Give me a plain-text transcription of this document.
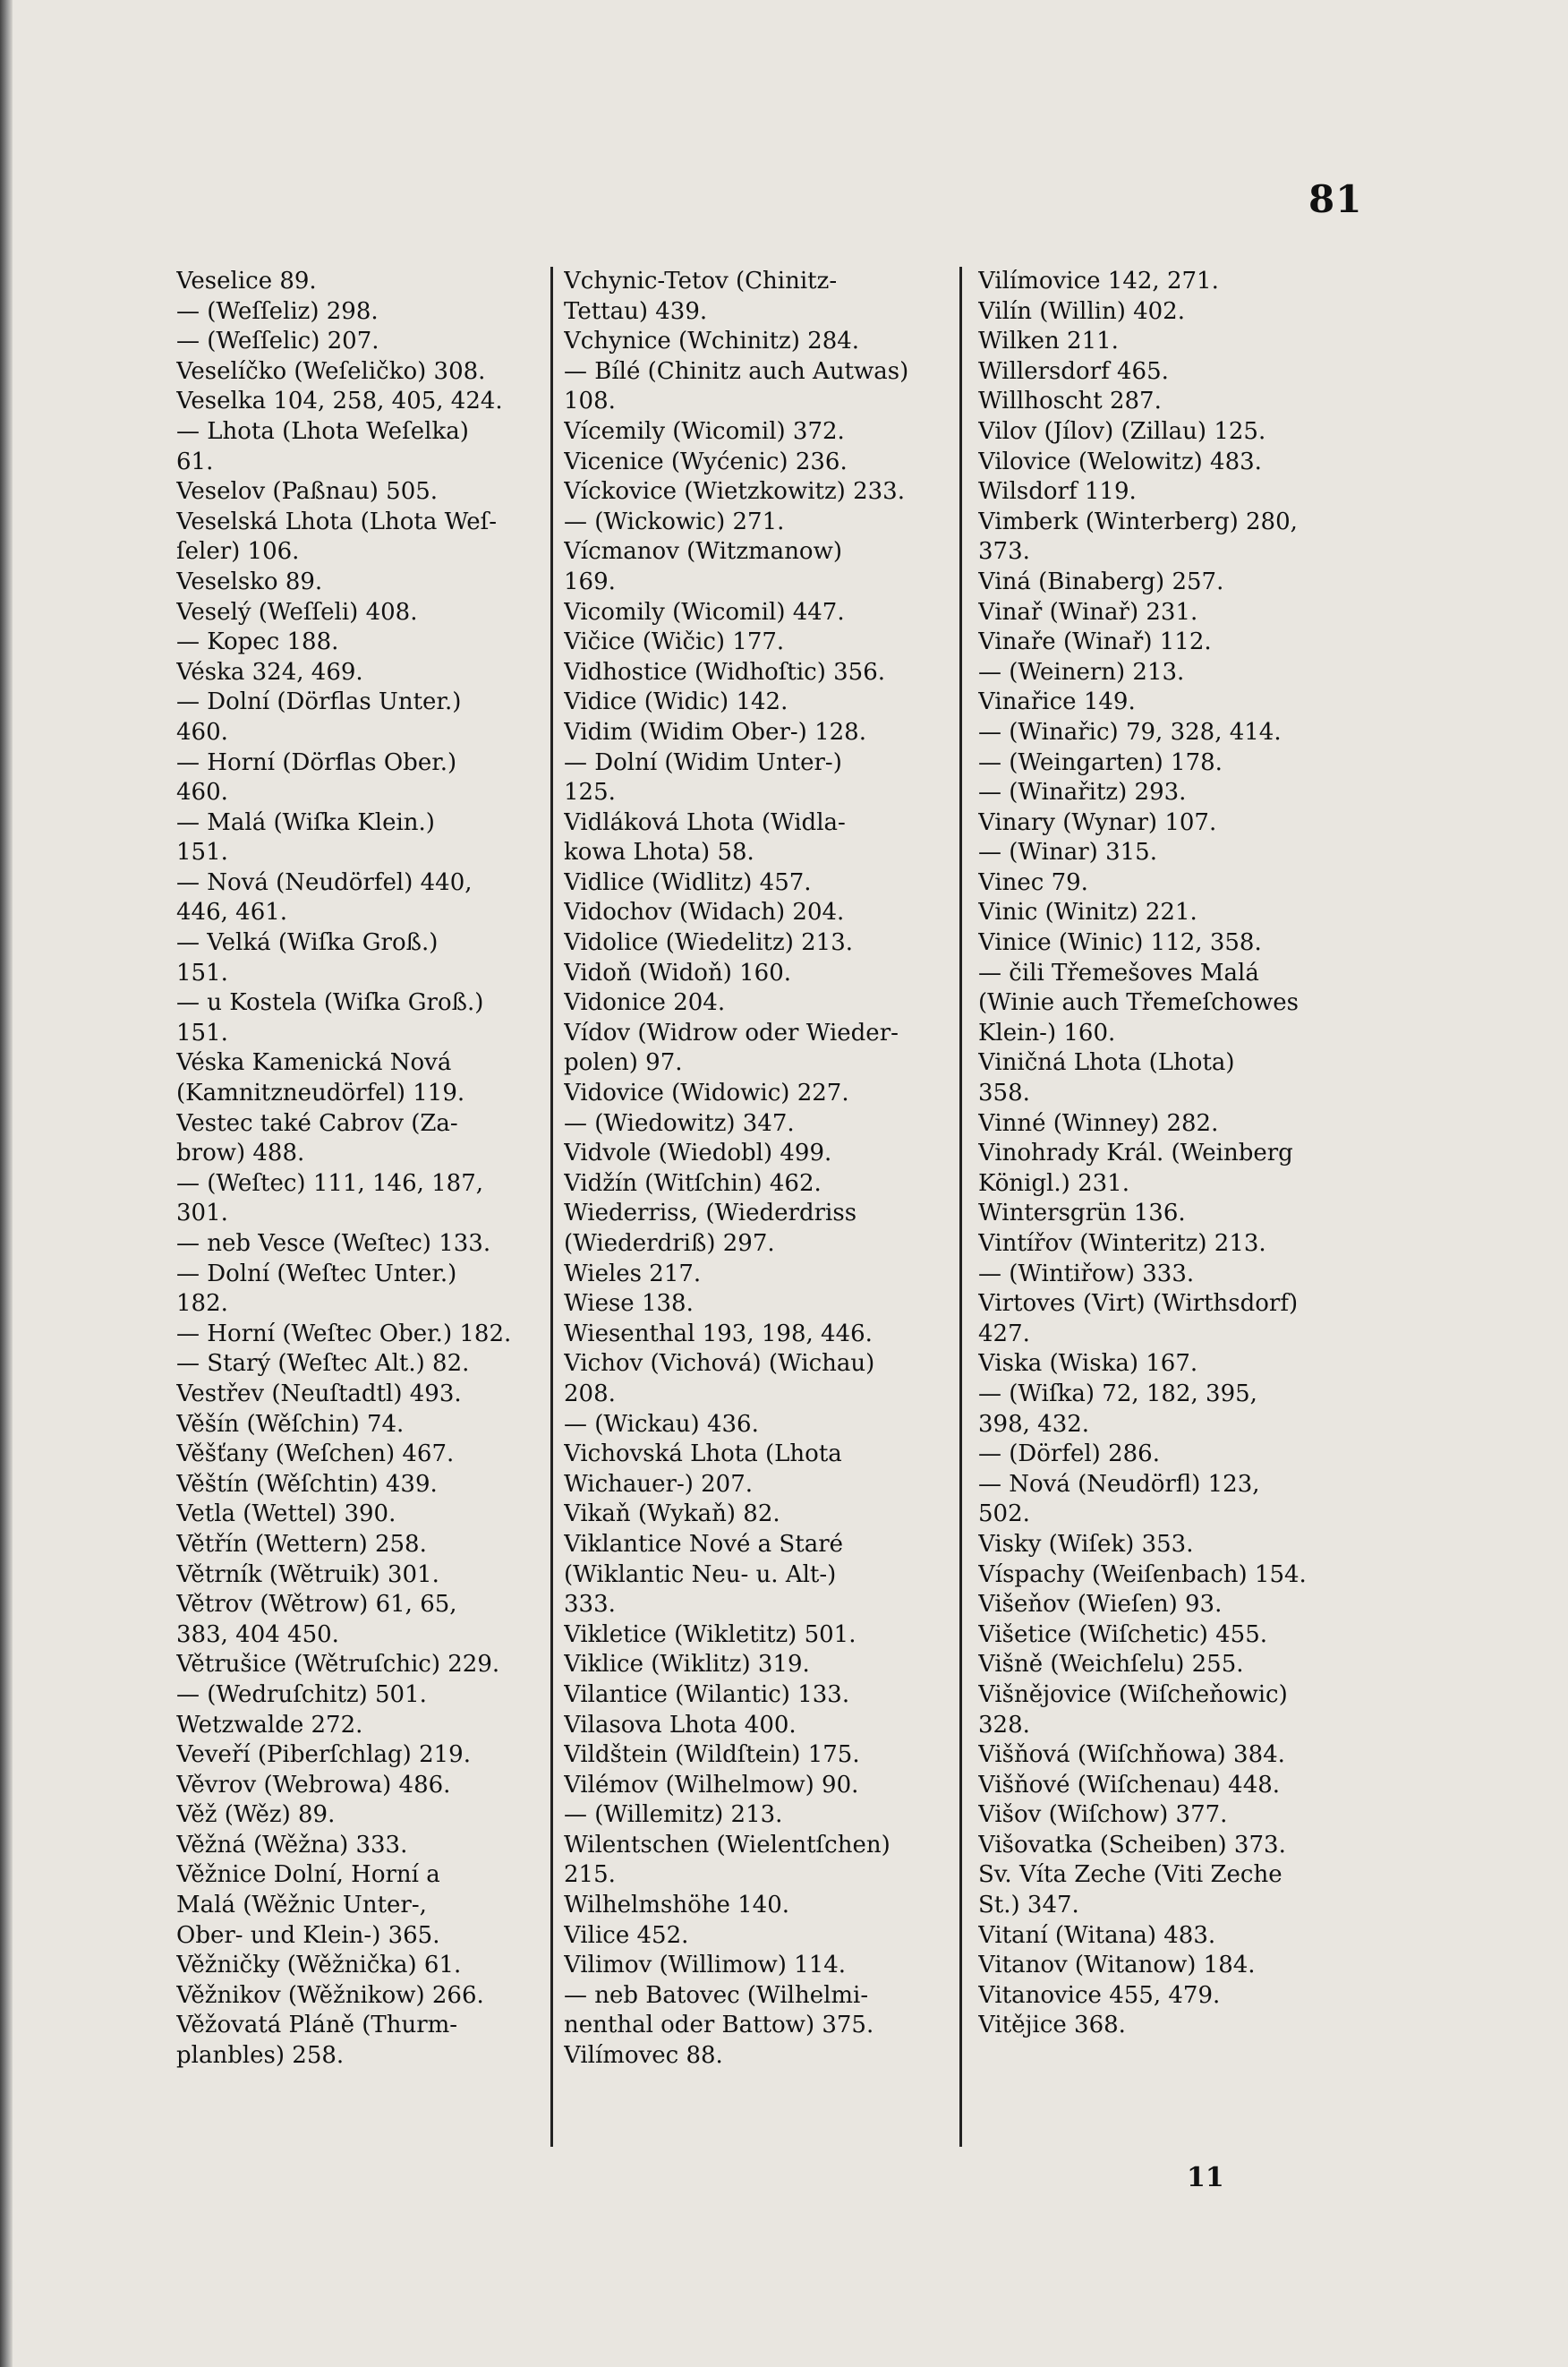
81
Veselice 89.
— (Weſſeliz) 298.
— (Weſſelic) 207.
Veselíčko (Weſeličko) 308.
Veselka 104, 258, 405, 424.
— Lhota (Lhota Weſelka)
61.
Veselov (Paßnau) 505.
Veselská Lhota (Lhota Weſ-
ſeler) 106.
Veselsko 89.
Veselý (Weſſeli) 408.
— Kopec 188.
Véska 324, 469.
— Dolní (Dörflas Unter.)
460.
— Horní (Dörflas Ober.)
460.
— Malá (Wiſka Klein.)
151.
— Nová (Neudörfel) 440,
446, 461.
— Velká (Wiſka Groß.)
151.
— u Kostela (Wiſka Groß.)
151.
Véska Kamenická Nová
(Kamnitzneudörfel) 119.
Vestec také Cabrov (Za-
brow) 488.
— (Weſtec) 111, 146, 187,
301.
— neb Vesce (Weſtec) 133.
— Dolní (Weſtec Unter.)
182.
— Horní (Weſtec Ober.) 182.
— Starý (Weſtec Alt.) 82.
Vestřev (Neuſtadtl) 493.
Věšín (Wěſchin) 74.
Věšťany (Weſchen) 467.
Věštín (Wěſchtin) 439.
Vetla (Wettel) 390.
Větřín (Wettern) 258.
Větrník (Wětruik) 301.
Větrov (Wětrow) 61, 65,
383, 404 450.
Větrušice (Wětruſchic) 229.
— (Wedruſchitz) 501.
Wetzwalde 272.
Veveří (Piberſchlag) 219.
Věvrov (Webrowa) 486.
Věž (Wěz) 89.
Věžná (Wěžna) 333.
Věžnice Dolní, Horní a
Malá (Wěžnic Unter-,
Ober- und Klein-) 365.
Věžničky (Wěžnička) 61.
Věžnikov (Wěžnikow) 266.
Věžovatá Pláně (Thurm-
planbles) 258.
Vchynic-Tetov (Chinitz-
Tettau) 439.
Vchynice (Wchinitz) 284.
— Bílé (Chinitz auch Autwas)
108.
Vícemily (Wicomil) 372.
Vicenice (Wyćenic) 236.
Víckovice (Wietzkowitz) 233.
— (Wickowic) 271.
Vícmanov (Witzmanow)
169.
Vicomily (Wicomil) 447.
Vičice (Wičic) 177.
Vidhostice (Widhoſtic) 356.
Vidice (Widic) 142.
Vidim (Widim Ober-) 128.
— Dolní (Widim Unter-)
125.
Vidláková Lhota (Widla-
kowa Lhota) 58.
Vidlice (Widlitz) 457.
Vidochov (Widach) 204.
Vidolice (Wiedelitz) 213.
Vidoň (Widoň) 160.
Vidonice 204.
Vídov (Widrow oder Wieder-
polen) 97.
Vidovice (Widowic) 227.
— (Wiedowitz) 347.
Vidvole (Wiedobl) 499.
Vidžín (Witſchin) 462.
Wiederriss, (Wiederdriss
(Wiederdriß) 297.
Wieles 217.
Wiese 138.
Wiesenthal 193, 198, 446.
Vichov (Vichová) (Wichau)
208.
— (Wickau) 436.
Vichovská Lhota (Lhota
Wichauer-) 207.
Vikaň (Wykaň) 82.
Viklantice Nové a Staré
(Wiklantic Neu- u. Alt-)
333.
Vikletice (Wikletitz) 501.
Viklice (Wiklitz) 319.
Vilantice (Wilantic) 133.
Vilasova Lhota 400.
Vildštein (Wildſtein) 175.
Vilémov (Wilhelmow) 90.
— (Willemitz) 213.
Wilentschen (Wielentſchen)
215.
Wilhelmshöhe 140.
Vilice 452.
Vilimov (Willimow) 114.
— neb Batovec (Wilhelmi-
nenthal oder Battow) 375.
Vilímovec 88.
Vilímovice 142, 271.
Vilín (Willin) 402.
Wilken 211.
Willersdorf 465.
Willhoscht 287.
Vilov (Jílov) (Zillau) 125.
Vilovice (Welowitz) 483.
Wilsdorf 119.
Vimberk (Winterberg) 280,
373.
Viná (Binaberg) 257.
Vinař (Winař) 231.
Vinaře (Winař) 112.
— (Weinern) 213.
Vinařice 149.
— (Winařic) 79, 328, 414.
— (Weingarten) 178.
— (Winařitz) 293.
Vinary (Wynar) 107.
— (Winar) 315.
Vinec 79.
Vinic (Winitz) 221.
Vinice (Winic) 112, 358.
— čili Třemešoves Malá
(Winie auch Třemeſchowes
Klein-) 160.
Viničná Lhota (Lhota)
358.
Vinné (Winney) 282.
Vinohrady Král. (Weinberg
Königl.) 231.
Wintersgrün 136.
Vintířov (Winteritz) 213.
— (Wintiřow) 333.
Virtoves (Virt) (Wirthsdorf)
427.
Viska (Wiska) 167.
— (Wiſka) 72, 182, 395,
398, 432.
— (Dörfel) 286.
— Nová (Neudörfl) 123,
502.
Visky (Wiſek) 353.
Víspachy (Weiſenbach) 154.
Višeňov (Wieſen) 93.
Višetice (Wiſchetic) 455.
Višně (Weichſelu) 255.
Višnějovice (Wiſcheňowic)
328.
Višňová (Wiſchňowa) 384.
Višňové (Wiſchenau) 448.
Višov (Wiſchow) 377.
Višovatka (Scheiben) 373.
Sv. Víta Zeche (Viti Zeche
St.) 347.
Vitaní (Witana) 483.
Vitanov (Witanow) 184.
Vitanovice 455, 479.
Vitějice 368.
11
